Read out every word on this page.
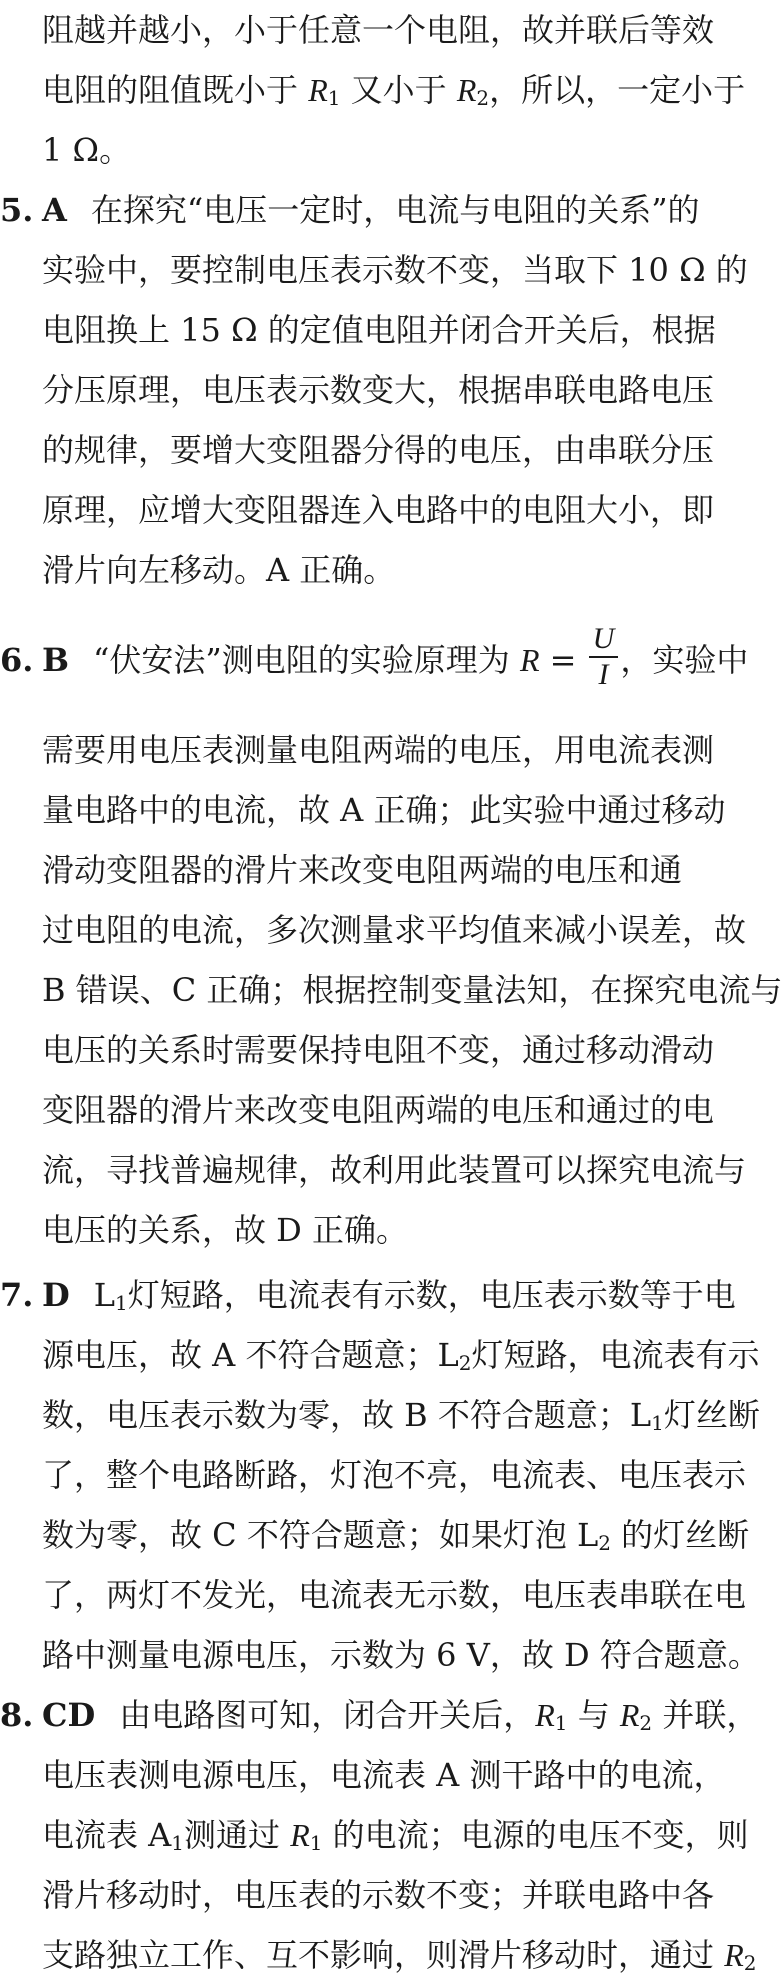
阻越并越小，小于任意一个电阻，故并联后等效
电阻的阻值既小于 $R_1$ 又小于 $R_2$，所以，一定小于
1 Ω。
5. A 在探究“电压一定时，电流与电阻的关系”的
实验中，要控制电压表示数不变，当取下 10 Ω 的
电阻换上 15 Ω 的定值电阻并闭合开关后，根据
分压原理，电压表示数变大，根据串联电路电压
的规律，要增大变阻器分得的电压，由串联分压
原理，应增大变阻器连入电路中的电阻大小，即
滑片向左移动。A 正确。
6. B “伏安法”测电阻的实验原理为 $R = \frac{U}{I}$ ，实验中
需要用电压表测量电阻两端的电压，用电流表测
量电路中的电流，故 A 正确；此实验中通过移动
滑动变阻器的滑片来改变电阻两端的电压和通
过电阻的电流，多次测量求平均值来减小误差，故
B 错误、C 正确；根据控制变量法知，在探究电流与
电压的关系时需要保持电阻不变，通过移动滑动
变阻器的滑片来改变电阻两端的电压和通过的电
流，寻找普遍规律，故利用此装置可以探究电流与
电压的关系，故 D 正确。
7. D $L_1$灯短路，电流表有示数，电压表示数等于电
源电压，故 A 不符合题意；$L_2$灯短路，电流表有示
数，电压表示数为零，故 B 不符合题意；$L_1$灯丝断
了，整个电路断路，灯泡不亮，电流表、电压表示
数为零，故 C 不符合题意；如果灯泡 $L_2$ 的灯丝断
了，两灯不发光，电流表无示数，电压表串联在电
路中测量电源电压，示数为 6 V，故 D 符合题意。
8. CD 由电路图可知，闭合开关后，$R_1$ 与 $R_2$ 并联，
电压表测电源电压，电流表 A 测干路中的电流，
电流表 $A_1$测通过 $R_1$ 的电流；电源的电压不变，则
滑片移动时，电压表的示数不变；并联电路中各
支路独立工作、互不影响，则滑片移动时，通过 $R_2$
